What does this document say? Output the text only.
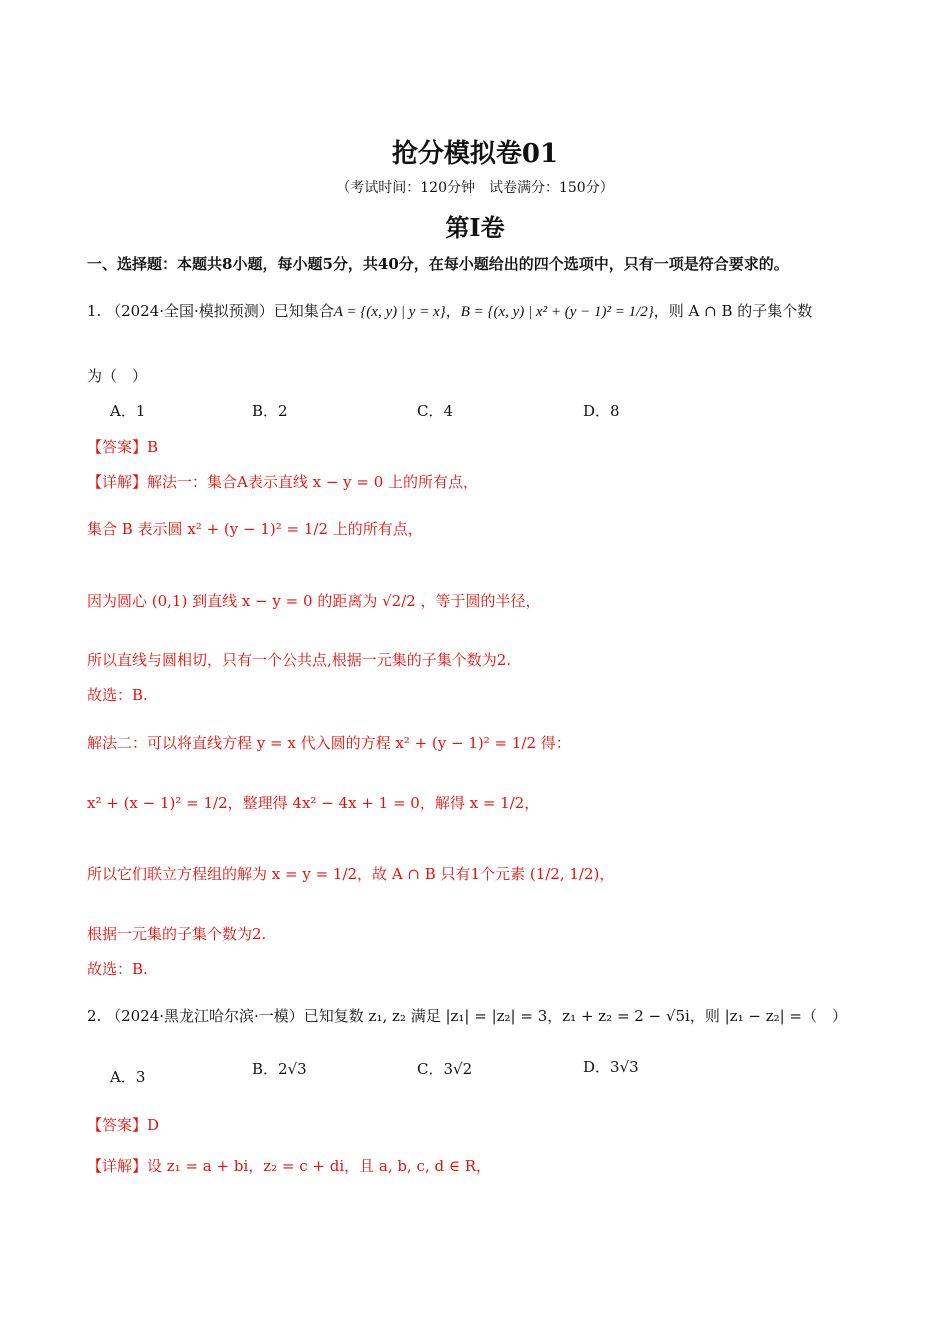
抢分模拟卷01
（考试时间：120分钟　试卷满分：150分）
第Ⅰ卷
一、选择题：本题共8小题，每小题5分，共40分，在每小题给出的四个选项中，只有一项是符合要求的。
1. （2024·全国·模拟预测）已知集合A = {(x, y) | y = x}，B = {(x, y) | x² + (y − 1)² = 1/2}，则 A ∩ B 的子集个数
为（　）
A．1	B．2	C．4	D．8
【答案】B
【详解】解法一：集合A表示直线 x − y = 0 上的所有点，
集合 B 表示圆 x² + (y − 1)² = 1/2 上的所有点，
因为圆心 (0,1) 到直线 x − y = 0 的距离为 √2/2 ，等于圆的半径，
所以直线与圆相切，只有一个公共点,根据一元集的子集个数为2.
故选：B.
解法二：可以将直线方程 y = x 代入圆的方程 x² + (y − 1)² = 1/2 得：
x² + (x − 1)² = 1/2，整理得 4x² − 4x + 1 = 0，解得 x = 1/2，
所以它们联立方程组的解为 x = y = 1/2，故 A ∩ B 只有1个元素 (1/2, 1/2)，
根据一元集的子集个数为2.
故选：B.
2. （2024·黑龙江哈尔滨·一模）已知复数 z₁, z₂ 满足 |z₁| = |z₂| = 3，z₁ + z₂ = 2 − √5i，则 |z₁ − z₂| =（　）
A．3	B．2√3	C．3√2	D．3√3
【答案】D
【详解】设 z₁ = a + bi，z₂ = c + di，且 a, b, c, d ∈ R，
